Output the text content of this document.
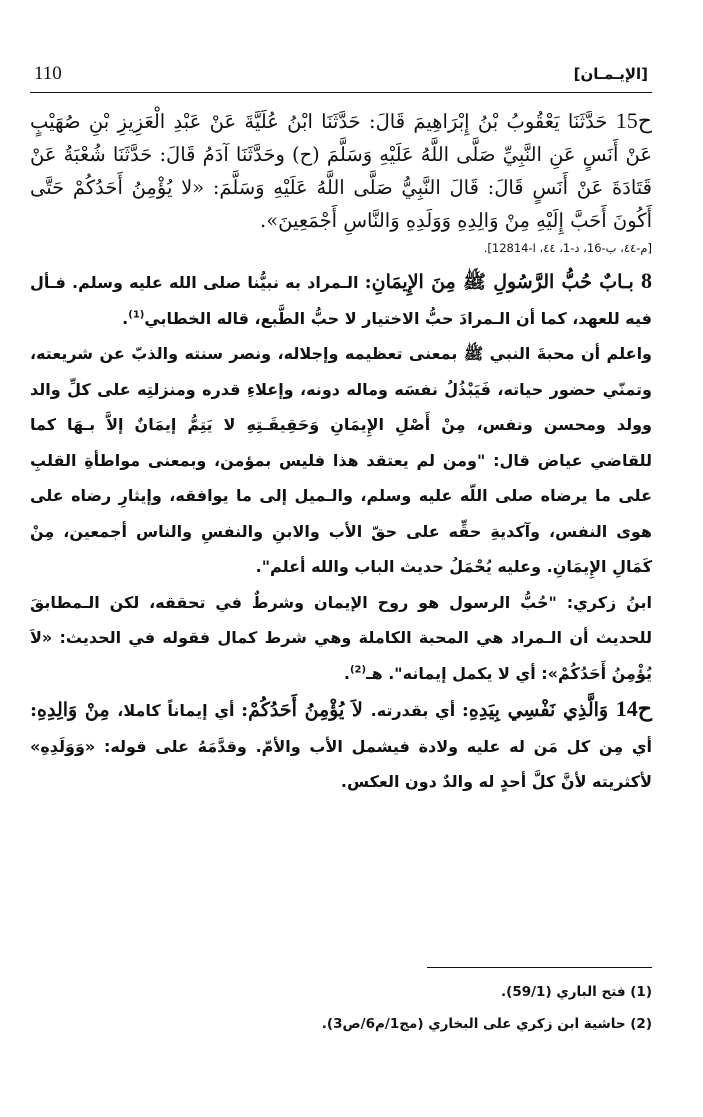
110	[الإيـمـان]

ح15 حَدَّثَنَا يَعْقُوبُ بْنُ إِبْرَاهِيمَ قَالَ: حَدَّثَنَا ابْنُ عُلَيَّةَ عَنْ عَبْدِ الْعَزِيزِ بْنِ صُهَيْبٍ عَنْ أَنَسٍ عَنِ النَّبِيِّ صَلَّى اللَّهُ عَلَيْهِ وَسَلَّمَ (ح) وحَدَّثَنَا آدَمُ قَالَ: حَدَّثَنَا شُعْبَةُ عَنْ قَتَادَةَ عَنْ أَنَسٍ قَالَ: قَالَ النَّبِيُّ صَلَّى اللَّهُ عَلَيْهِ وَسَلَّمَ: «لا يُؤْمِنُ أَحَدُكُمْ حَتَّى أَكُونَ أَحَبَّ إِلَيْهِ مِنْ وَالِدِهِ وَوَلَدِهِ وَالنَّاسِ أَجْمَعِينَ».

[م-٤٤، ب-16، د-1، ٤٤، ا-12814].

8 بـابٌ حُبُّ الرَّسُولِ ﷺ مِنَ الإِيمَانِ: الـمراد به نبيُّنا صلى الله عليه وسلم. فـأل فيه للعهد، كما أن الـمرادَ حبُّ الاختيار لا حبُّ الطَّبع، قاله الخطابي$^{(1)}$.

واعلم أن محبةَ النبي ﷺ بمعنى تعظيمه وإجلاله، ونصر سنته والذبّ عن شريعته، وتمنّي حضور حياته، فَيَبْذُلُ نفسَه وماله دونه، وإعلاءِ قدره ومنزلتِه على كلِّ والد وولد ومحسن ونفس، مِنْ أَصْلِ الإِيمَانِ وَحَقِيقَـتِهِ لا يَتِمُّ إيمَانٌ إلاَّ بـهَا كما للقاضي عياض قال: "ومن لم يعتقد هذا فليس بمؤمن، وبمعنى مواطأةِ القلبِ على ما يرضاه صلى اللّه عليه وسلم، والـميل إلى ما يوافقه، وإيثارِ رضاه على هوى النفس، وآكديةِ حقِّه على حقّ الأب والابنِ والنفسِ والناس أجمعين، مِنْ كَمَالِ الإِيمَانِ. وعليه يُحْمَلُ حديث الباب والله أعلم".

ابنُ زكري: "حُبُّ الرسول هو روح الإيمان وشرطٌ في تحققه، لكن الـمطابقَ للحديث أن الـمراد هي المحبة الكاملة وهي شرط كمال فقوله في الحديث: «لاَ يُؤْمِنُ أَحَدُكُمْ»: أي لا يكمل إيمانه". هـ$^{(2)}$.

ح14 وَالَّذِي نَفْسِي بِيَدِهِ: أي بقدرته. لاَ يُؤْمِنُ أَحَدُكُمْ: أي إيماناً كاملا، مِنْ وَالِدِهِ: أي مِن كل مَن له عليه ولادة فيشمل الأب والأمّ. وقدَّمَهُ على قوله: «وَوَلَدِهِ» لأكثريته لأنَّ كلَّ أحدٍ له والدٌ دون العكس.

(1) فتح الباري (59/1).
(2) حاشية ابن زكري على البخاري (مج1/م6/ص3).
